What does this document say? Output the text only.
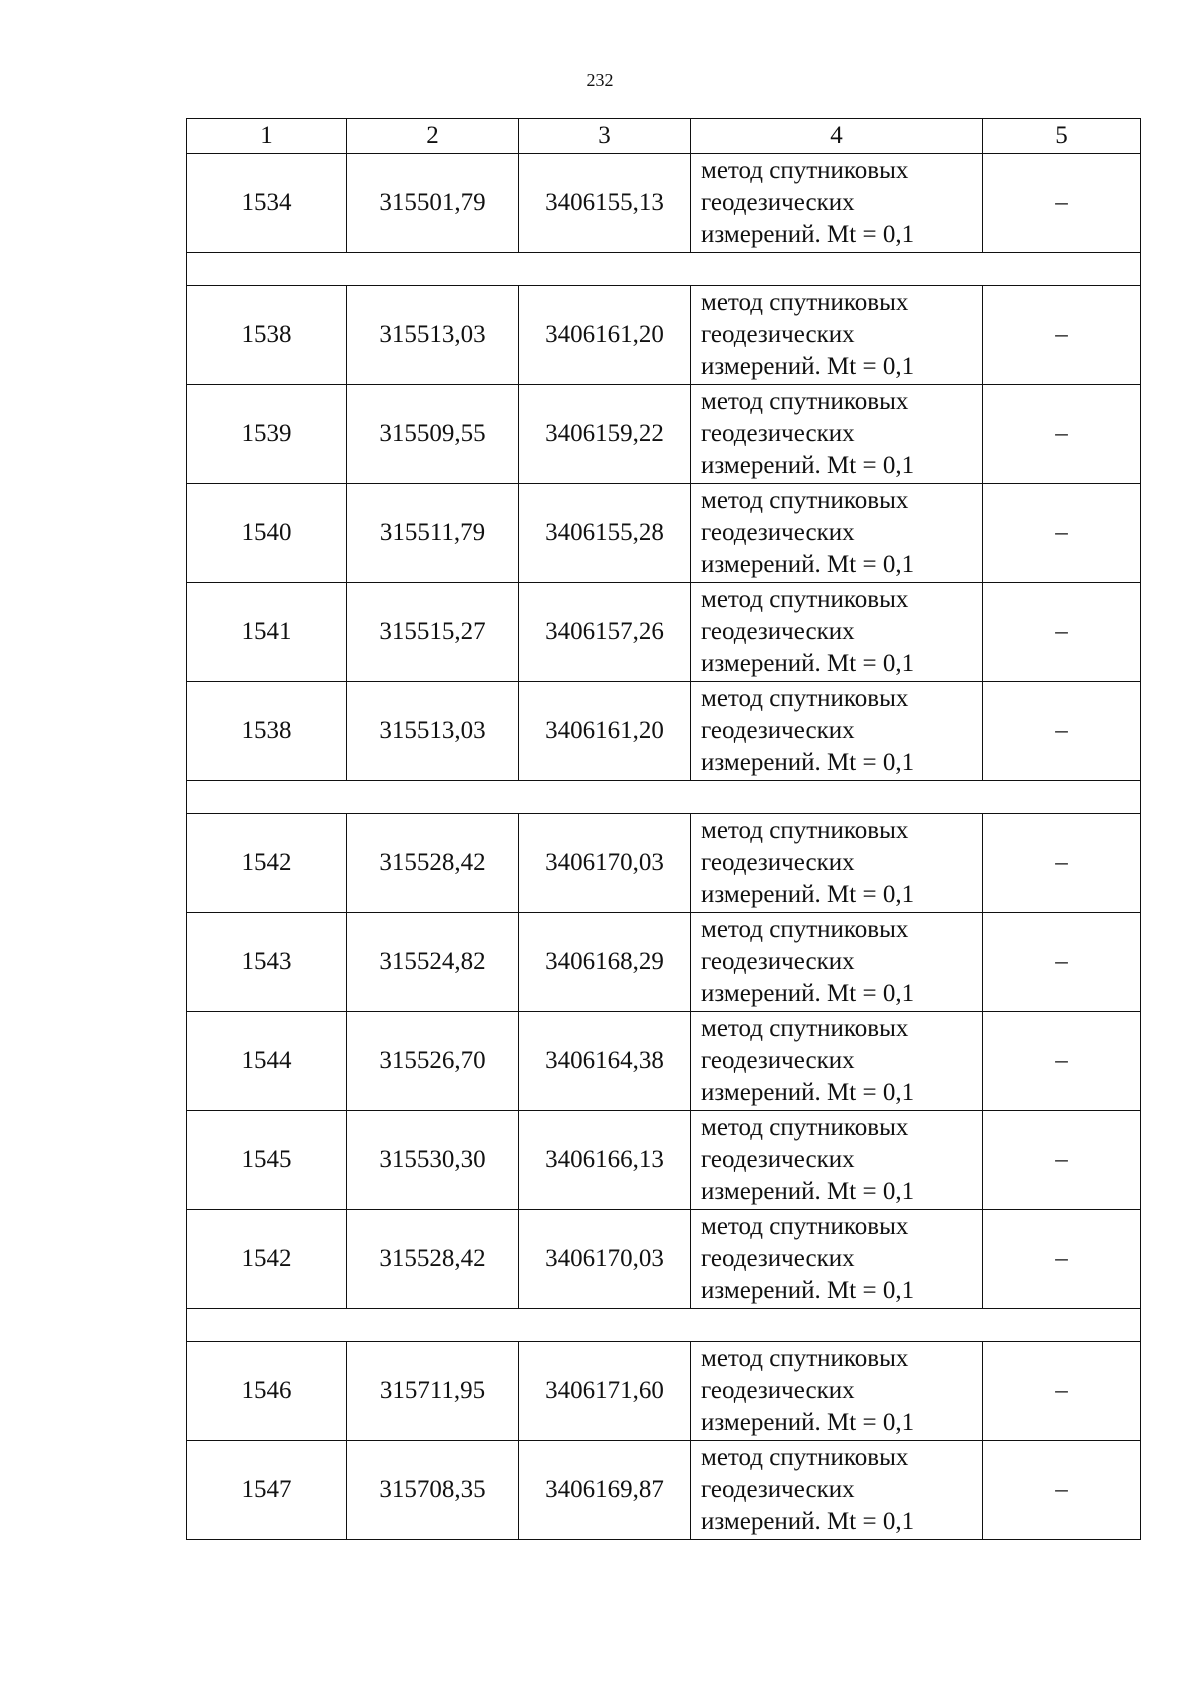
232
1	2	3	4	5
1534	315501,79	3406155,13	метод спутниковых
геодезических
измерений. Mt = 0,1	–

1538	315513,03	3406161,20	метод спутниковых
геодезических
измерений. Mt = 0,1	–
1539	315509,55	3406159,22	метод спутниковых
геодезических
измерений. Mt = 0,1	–
1540	315511,79	3406155,28	метод спутниковых
геодезических
измерений. Mt = 0,1	–
1541	315515,27	3406157,26	метод спутниковых
геодезических
измерений. Mt = 0,1	–
1538	315513,03	3406161,20	метод спутниковых
геодезических
измерений. Mt = 0,1	–

1542	315528,42	3406170,03	метод спутниковых
геодезических
измерений. Mt = 0,1	–
1543	315524,82	3406168,29	метод спутниковых
геодезических
измерений. Mt = 0,1	–
1544	315526,70	3406164,38	метод спутниковых
геодезических
измерений. Mt = 0,1	–
1545	315530,30	3406166,13	метод спутниковых
геодезических
измерений. Mt = 0,1	–
1542	315528,42	3406170,03	метод спутниковых
геодезических
измерений. Mt = 0,1	–

1546	315711,95	3406171,60	метод спутниковых
геодезических
измерений. Mt = 0,1	–
1547	315708,35	3406169,87	метод спутниковых
геодезических
измерений. Mt = 0,1	–
